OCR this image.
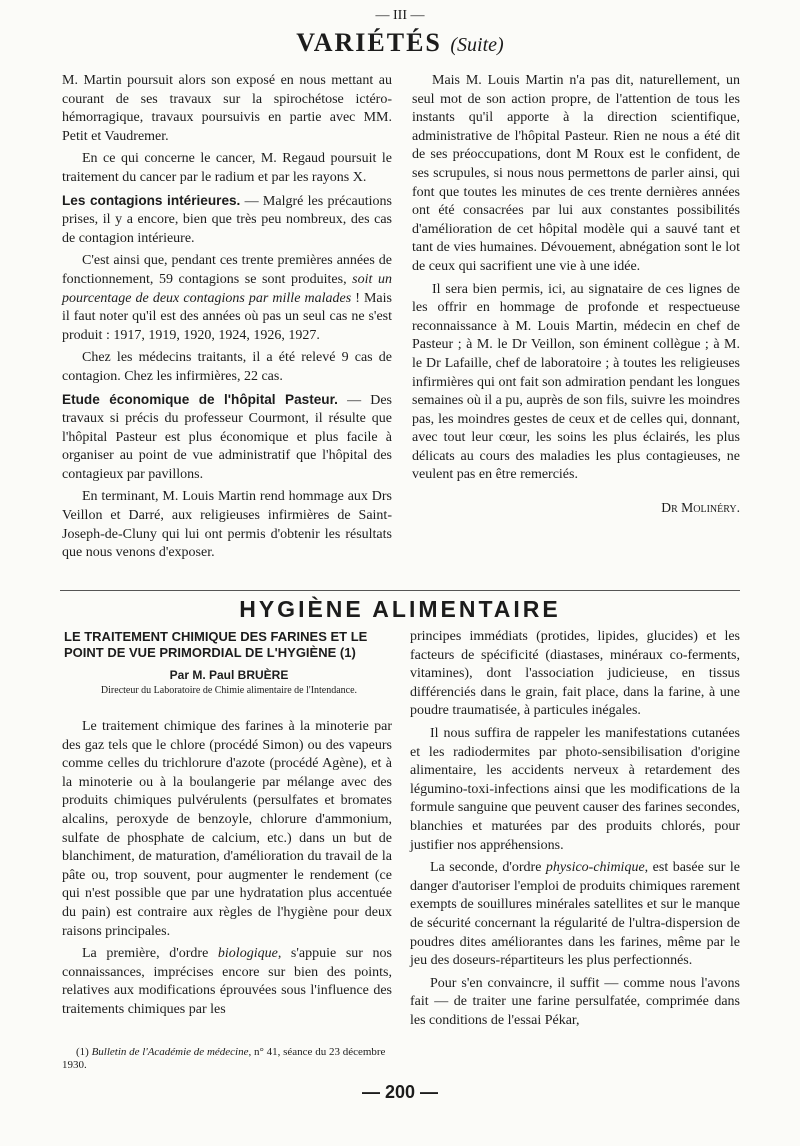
— III —
VARIÉTÉS (Suite)

M. Martin poursuit alors son exposé en nous mettant au courant de ses travaux sur la spirochétose ictéro-hémorragique, travaux poursuivis en partie avec MM. Petit et Vaudremer.

En ce qui concerne le cancer, M. Regaud poursuit le traitement du cancer par le radium et par les rayons X.

Les contagions intérieures. — Malgré les précautions prises, il y a encore, bien que très peu nombreux, des cas de contagion intérieure.

C'est ainsi que, pendant ces trente premières années de fonctionnement, 59 contagions se sont produites, soit un pourcentage de deux contagions par mille malades ! Mais il faut noter qu'il est des années où pas un seul cas ne s'est produit : 1917, 1919, 1920, 1924, 1926, 1927.

Chez les médecins traitants, il a été relevé 9 cas de contagion. Chez les infirmières, 22 cas.

Etude économique de l'hôpital Pasteur. — Des travaux si précis du professeur Courmont, il résulte que l'hôpital Pasteur est plus économique et plus facile à organiser au point de vue administratif que l'hôpital des contagieux par pavillons.

En terminant, M. Louis Martin rend hommage aux Drs Veillon et Darré, aux religieuses infirmières de Saint-Joseph-de-Cluny qui lui ont permis d'obtenir les résultats que nous venons d'exposer.

Mais M. Louis Martin n'a pas dit, naturellement, un seul mot de son action propre, de l'attention de tous les instants qu'il apporte à la direction scientifique, administrative de l'hôpital Pasteur. Rien ne nous a été dit de ses préoccupations, dont M Roux est le confident, de ses scrupules, si nous nous permettons de parler ainsi, qui font que toutes les minutes de ces trente dernières années ont été consacrées par lui aux constantes possibilités d'amélioration de cet hôpital modèle qui a sauvé tant et tant de vies humaines. Dévouement, abnégation sont le lot de ceux qui sacrifient une vie à une idée.

Il sera bien permis, ici, au signataire de ces lignes de les offrir en hommage de profonde et respectueuse reconnaissance à M. Louis Martin, médecin en chef de Pasteur ; à M. le Dr Veillon, son éminent collègue ; à M. le Dr Lafaille, chef de laboratoire ; à toutes les religieuses infirmières qui ont fait son admiration pendant les longues semaines où il a pu, auprès de son fils, suivre les moindres pas, les moindres gestes de ceux et de celles qui, donnant, avec tout leur cœur, les soins les plus éclairés, les plus délicats au cours des maladies les plus contagieuses, ne veulent pas en être remerciés.

Dr Molinéry.
HYGIÈNE ALIMENTAIRE
LE TRAITEMENT CHIMIQUE DES FARINES ET LE POINT DE VUE PRIMORDIAL DE L'HYGIÈNE (1)
Par M. Paul BRUÈRE
Directeur du Laboratoire de Chimie alimentaire de l'Intendance.

Le traitement chimique des farines à la minoterie par des gaz tels que le chlore (procédé Simon) ou des vapeurs comme celles du trichlorure d'azote (procédé Agène), et à la minoterie ou à la boulangerie par mélange avec des produits chimiques pulvérulents (persulfates et bromates alcalins, peroxyde de benzoyle, chlorure d'ammonium, sulfate de phosphate de calcium, etc.) dans un but de blanchiment, de maturation, d'amélioration du travail de la pâte ou, trop souvent, pour augmenter le rendement (ce qui n'est possible que par une hydratation plus accentuée du pain) est contraire aux règles de l'hygiène pour deux raisons principales.

La première, d'ordre biologique, s'appuie sur nos connaissances, imprécises encore sur bien des points, relatives aux modifications éprouvées sous l'influence des traitements chimiques par les

principes immédiats (protides, lipides, glucides) et les facteurs de spécificité (diastases, minéraux co-ferments, vitamines), dont l'association judicieuse, en tissus différenciés dans le grain, fait place, dans la farine, à une poudre traumatisée, à particules inégales.

Il nous suffira de rappeler les manifestations cutanées et les radiodermites par photo-sensibilisation d'origine alimentaire, les accidents nerveux à retardement des légumino-toxi-infections ainsi que les modifications de la formule sanguine que peuvent causer des farines secondes, blanchies et maturées par des produits chlorés, pour justifier nos appréhensions.

La seconde, d'ordre physico-chimique, est basée sur le danger d'autoriser l'emploi de produits chimiques rarement exempts de souillures minérales satellites et sur le manque de sécurité concernant la régularité de l'ultra-dispersion de poudres dites améliorantes dans les farines, même par le jeu des doseurs-répartiteurs les plus perfectionnés.

Pour s'en convaincre, il suffit — comme nous l'avons fait — de traiter une farine persulfatée, comprimée dans les conditions de l'essai Pékar,

(1) Bulletin de l'Académie de médecine, n° 41, séance du 23 décembre 1930.
— 200 —
